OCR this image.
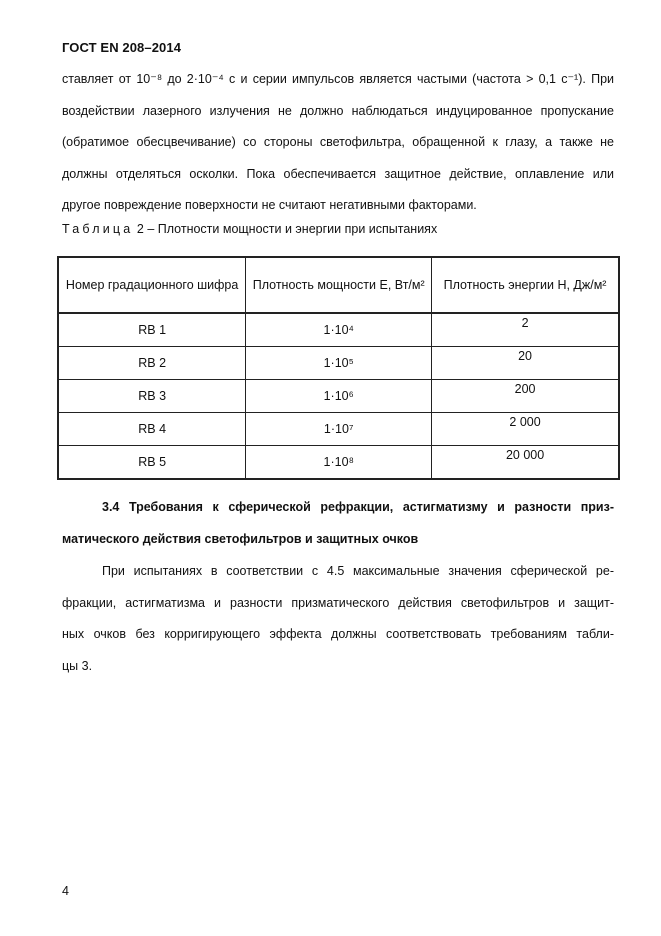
ГОСТ EN 208–2014
ставляет от 10⁻⁸ до 2·10⁻⁴ с и серии импульсов является частыми (частота > 0,1 с⁻¹). При
воздействии лазерного излучения не должно наблюдаться индуцированное пропускание
(обратимое обесцвечивание) со стороны светофильтра, обращенной к глазу, а также не
должны отделяться осколки. Пока обеспечивается защитное действие, оплавление или
другое повреждение поверхности не считают негативными факторами.
Таблица 2 – Плотности мощности и энергии при испытаниях
Номер градационного шифра	Плотность мощности E, Вт/м²	Плотность энергии H, Дж/м²
RB 1	1·10⁴	2
RB 2	1·10⁵	20
RB 3	1·10⁶	200
RB 4	1·10⁷	2 000
RB 5	1·10⁸	20 000
3.4 Требования к сферической рефракции, астигматизму и разности приз-
матического действия светофильтров и защитных очков
При испытаниях в соответствии с 4.5 максимальные значения сферической ре-
фракции, астигматизма и разности призматического действия светофильтров и защит-
ных очков без корригирующего эффекта должны соответствовать требованиям табли-
цы 3.
4
